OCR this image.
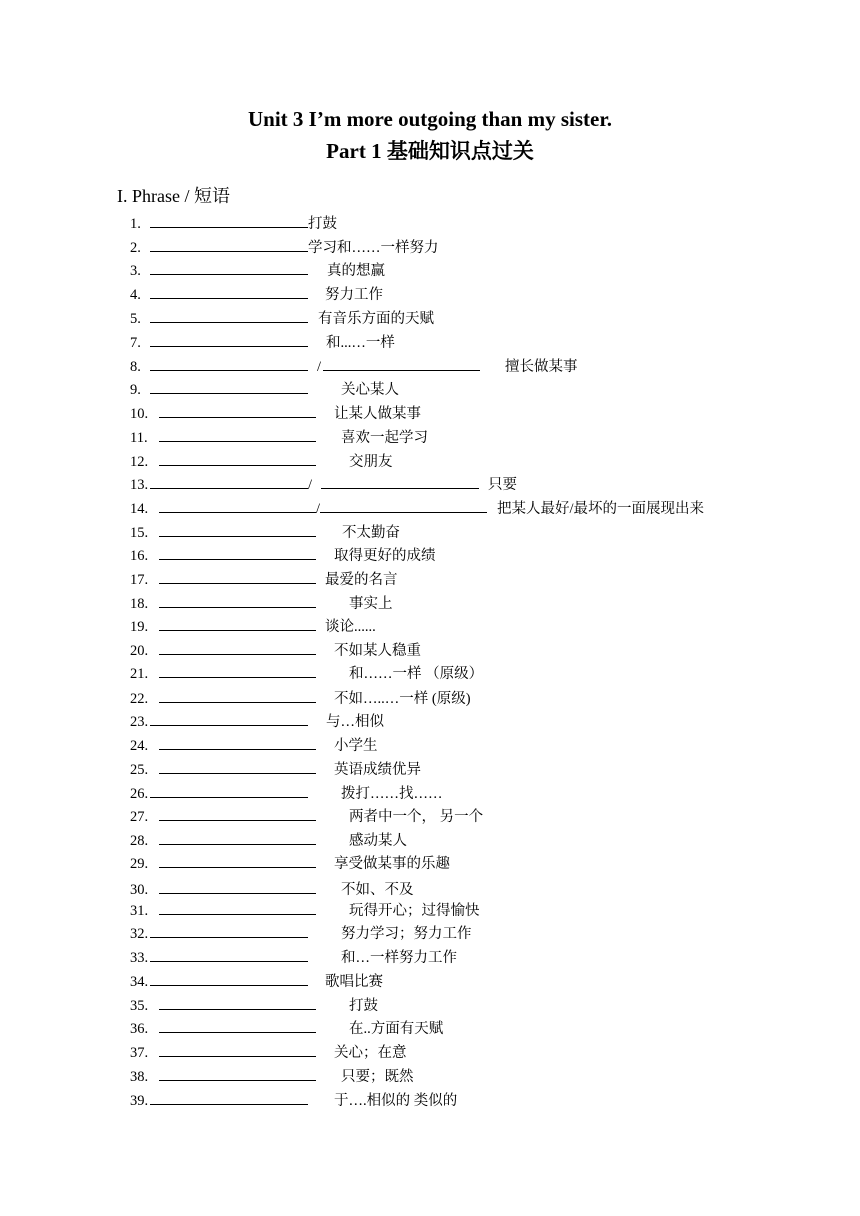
Unit 3 I’m more outgoing than my sister.
Part 1 基础知识点过关

I. Phrase / 短语

1.	打鼓
2.	学习和……一样努力
3.	真的想赢
4.	努力工作
5.	有音乐方面的天赋
7.	和...…一样
8.	/	擅长做某事
9.	关心某人
10.	让某人做某事
11.	喜欢一起学习
12.	交朋友
13.	/	只要
14.	/	把某人最好/最坏的一面展现出来
15.	不太勤奋
16.	取得更好的成绩
17.	最爱的名言
18.	事实上
19.	谈论......
20.	不如某人稳重
21.	和……一样 （原级）
22.	不如…..…一样 (原级)
23.	与…相似
24.	小学生
25.	英语成绩优异
26.	拨打……找……
27.	两者中一个， 另一个
28.	感动某人
29.	享受做某事的乐趣
30.	不如、不及
31.	玩得开心；过得愉快
32.	努力学习；努力工作
33.	和…一样努力工作
34.	歌唱比赛
35.	打鼓
36.	在..方面有天赋
37.	关心；在意
38.	只要；既然
39.	于….相似的 类似的
